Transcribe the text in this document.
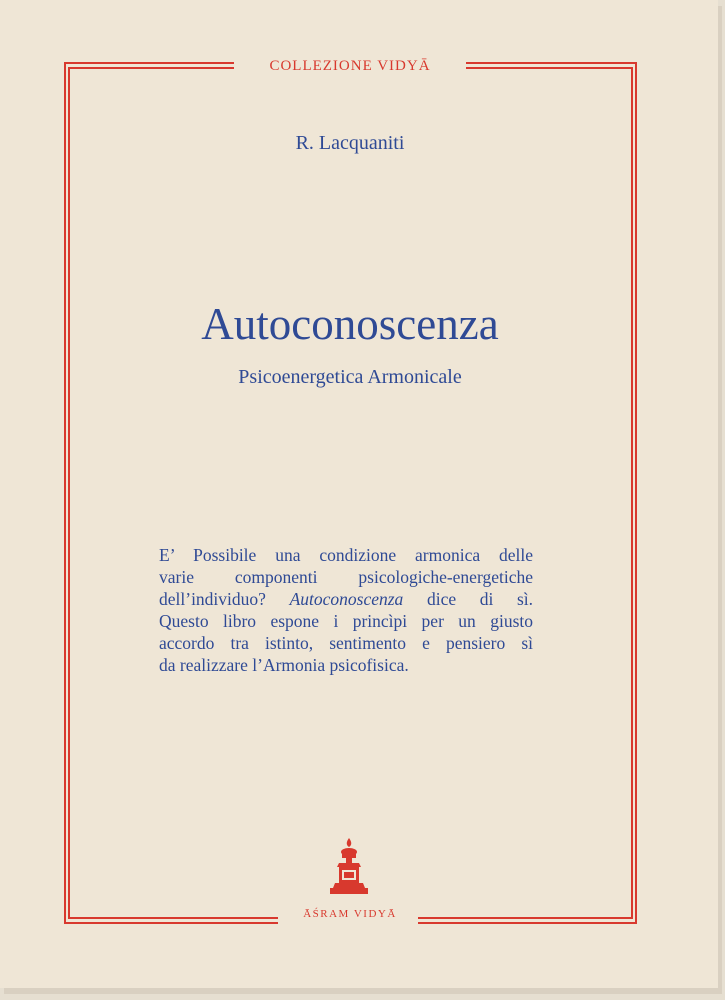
COLLEZIONE VIDYĀ
R. Lacquaniti
Autoconoscenza
Psicoenergetica Armonicale
E’ Possibile una condizione armonica delle
varie componenti psicologiche-energetiche
dell’individuo? Autoconoscenza dice di sì.
Questo libro espone i princìpi per un giusto
accordo tra istinto, sentimento e pensiero sì
da realizzare l’Armonia psicofisica.
ĀŚRAM VIDYĀ
